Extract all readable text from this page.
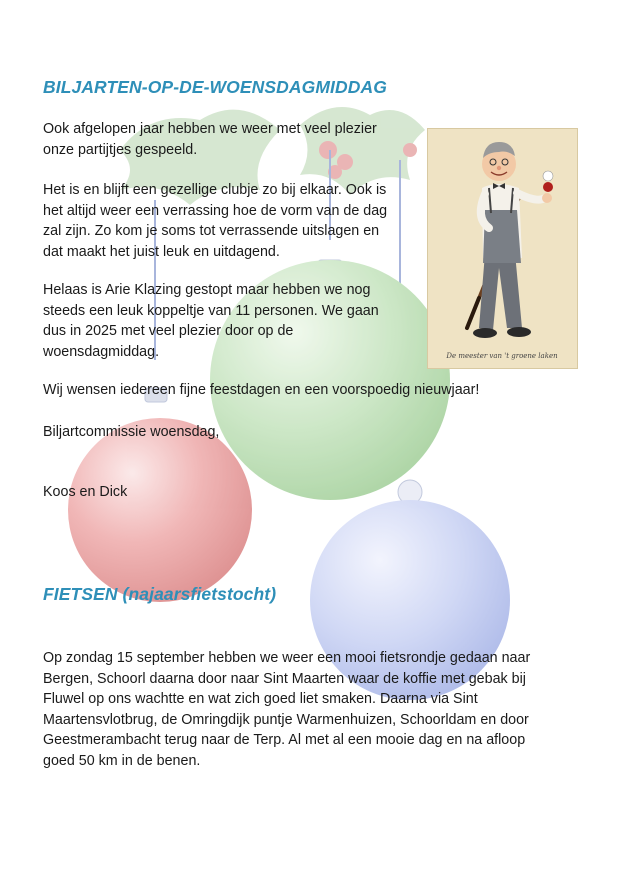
BILJARTEN-OP-DE-WOENSDAGMIDDAG

Ook afgelopen jaar hebben we weer met veel plezier
onze partijtjes gespeeld.

Het is en blijft een gezellige clubje zo bij elkaar. Ook is
het altijd weer een verrassing hoe de vorm van de dag
zal zijn. Zo kom je soms tot verrassende uitslagen en
dat maakt het juist leuk en uitdagend.

Helaas is Arie Klazing gestopt maar hebben we nog
steeds een leuk koppeltje van 11 personen. We gaan
dus in 2025 met veel plezier door op de
woensdagmiddag.

Wij wensen iedereen fijne feestdagen en een voorspoedig nieuwjaar!

Biljartcommissie woensdag,

Koos en Dick

De meester van 't groene laken
FIETSEN (najaarsfietstocht)

Op zondag 15 september hebben we weer een mooi fietsrondje gedaan naar
Bergen, Schoorl daarna door naar Sint Maarten waar de koffie met gebak bij
Fluwel op ons wachtte en wat zich goed liet smaken. Daarna via Sint
Maartensvlotbrug, de Omringdijk puntje Warmenhuizen, Schoorldam en door
Geestmerambacht terug naar de Terp. Al met al een mooie dag en na afloop
goed 50 km in de benen.
